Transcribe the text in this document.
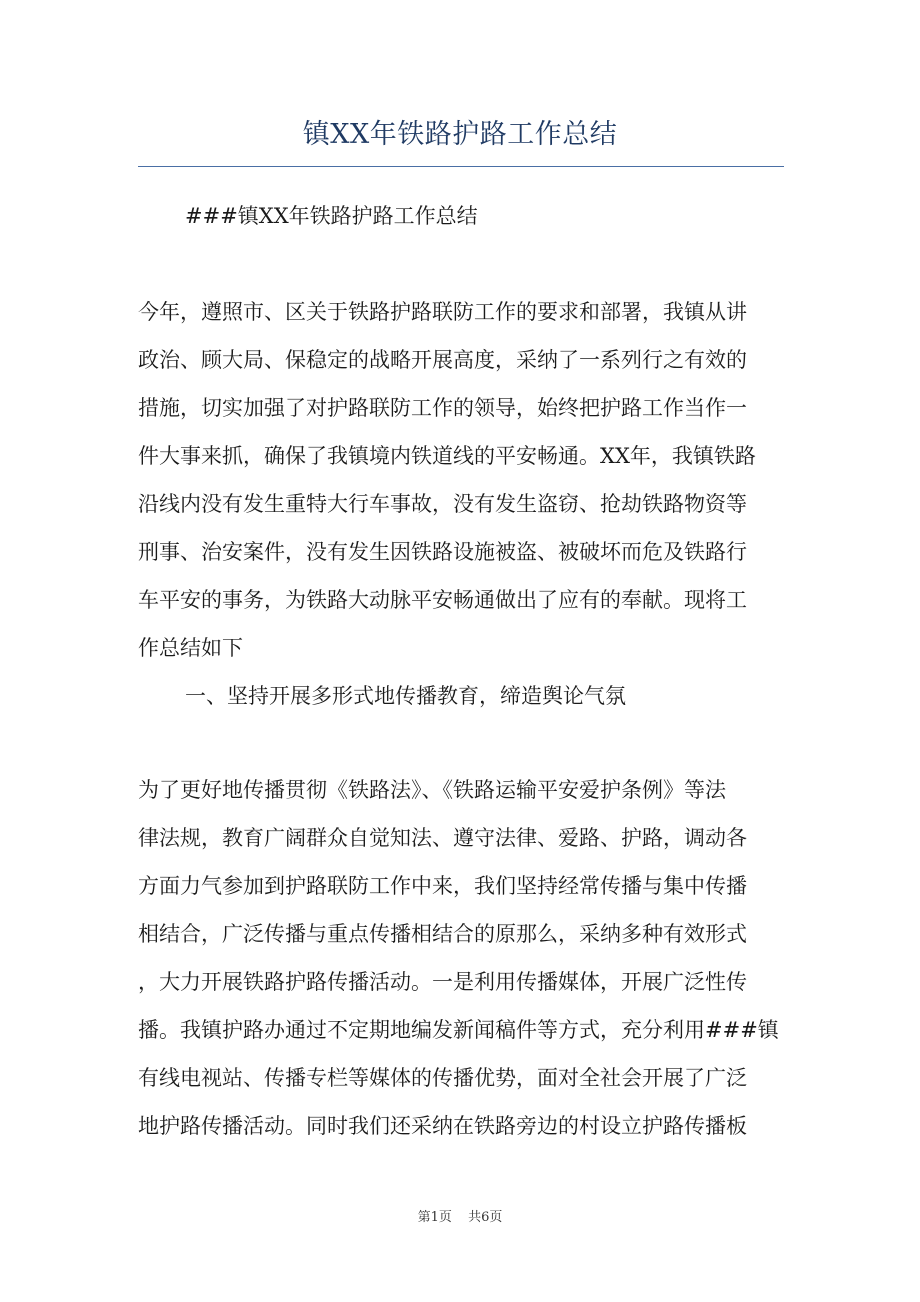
镇XX年铁路护路工作总结
###镇XX年铁路护路工作总结
今年，遵照市、区关于铁路护路联防工作的要求和部署，我镇从讲
政治、顾大局、保稳定的战略开展高度，采纳了一系列行之有效的
措施，切实加强了对护路联防工作的领导，始终把护路工作当作一
件大事来抓，确保了我镇境内铁道线的平安畅通。XX年，我镇铁路
沿线内没有发生重特大行车事故，没有发生盗窃、抢劫铁路物资等
刑事、治安案件，没有发生因铁路设施被盗、被破坏而危及铁路行
车平安的事务，为铁路大动脉平安畅通做出了应有的奉献。现将工
作总结如下
一、坚持开展多形式地传播教育，缔造舆论气氛
为了更好地传播贯彻《铁路法》、《铁路运输平安爱护条例》等法
律法规，教育广阔群众自觉知法、遵守法律、爱路、护路，调动各
方面力气参加到护路联防工作中来，我们坚持经常传播与集中传播
相结合，广泛传播与重点传播相结合的原那么，采纳多种有效形式
，大力开展铁路护路传播活动。一是利用传播媒体，开展广泛性传
播。我镇护路办通过不定期地编发新闻稿件等方式，充分利用###镇
有线电视站、传播专栏等媒体的传播优势，面对全社会开展了广泛
地护路传播活动。同时我们还采纳在铁路旁边的村设立护路传播板
第1页 共6页
